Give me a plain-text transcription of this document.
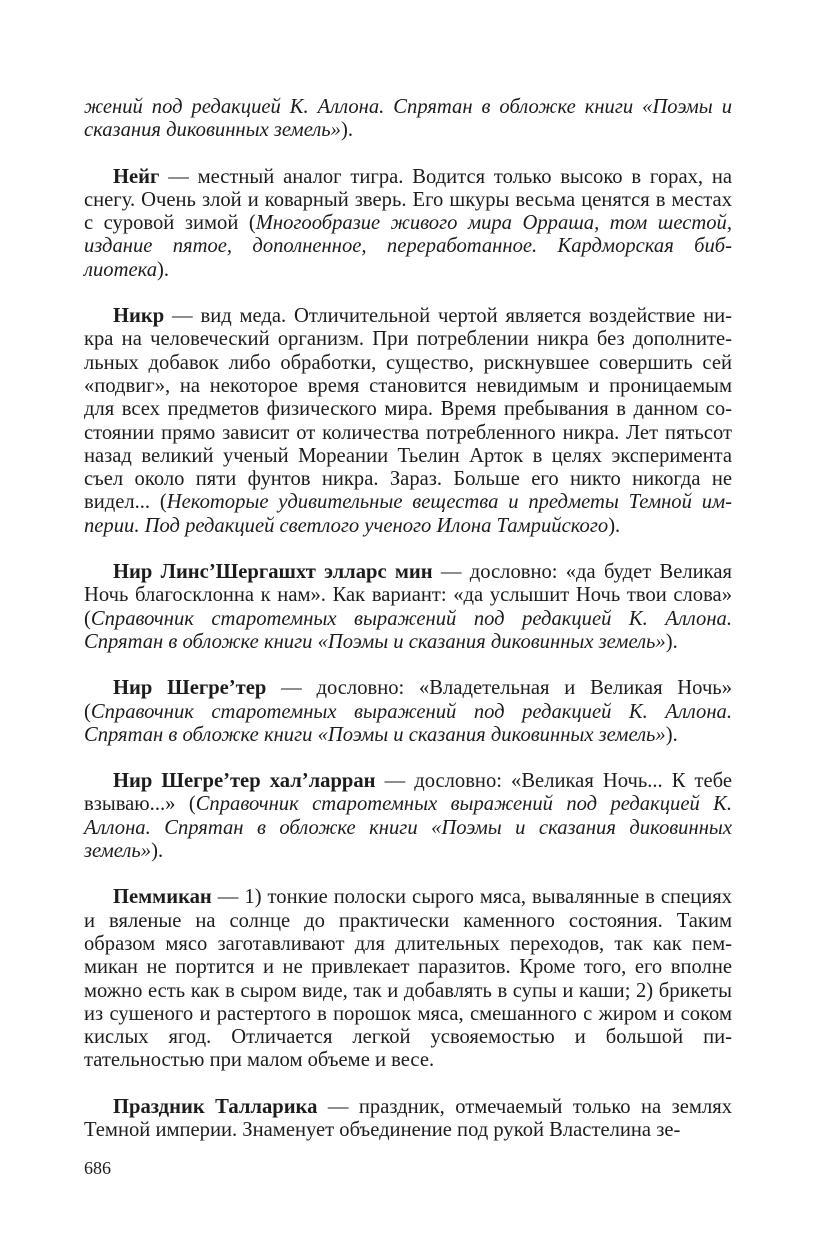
жений под редакцией К. Аллона. Спрятан в обложке книги «Поэмы и сказания диковинных земель»).

Нейг — местный аналог тигра. Водится только высоко в горах, на снегу. Очень злой и коварный зверь. Его шкуры весьма ценятся в местах с суровой зимой (Многообразие живого мира Орраша, том шестой, издание пятое, дополненное, переработанное. Кардморская библиотека).

Никр — вид меда. Отличительной чертой является воздействие никра на человеческий организм. При потреблении никра без дополнительных добавок либо обработки, существо, рискнувшее совершить сей «подвиг», на некоторое время становится невидимым и проницаемым для всех предметов физического мира. Время пребывания в данном состоянии прямо зависит от количества потребленного никра. Лет пятьсот назад великий ученый Мореании Тьелин Арток в целях эксперимента съел около пяти фунтов никра. Зараз. Больше его никто никогда не видел... (Некоторые удивительные вещества и предметы Темной империи. Под редакцией светлого ученого Илона Тамрийского).

Нир Линс’Шергашхт элларс мин — дословно: «да будет Великая Ночь благосклонна к нам». Как вариант: «да услышит Ночь твои слова» (Справочник старотемных выражений под редакцией К. Аллона. Спрятан в обложке книги «Поэмы и сказания диковинных земель»).

Нир Шегре’тер — дословно: «Владетельная и Великая Ночь» (Справочник старотемных выражений под редакцией К. Аллона. Спрятан в обложке книги «Поэмы и сказания диковинных земель»).

Нир Шегре’тер хал’ларран — дословно: «Великая Ночь... К тебе взываю...» (Справочник старотемных выражений под редакцией К. Аллона. Спрятан в обложке книги «Поэмы и сказания диковинных земель»).

Пеммикан — 1) тонкие полоски сырого мяса, вывалянные в специях и вяленые на солнце до практически каменного состояния. Таким образом мясо заготавливают для длительных переходов, так как пеммикан не портится и не привлекает паразитов. Кроме того, его вполне можно есть как в сыром виде, так и добавлять в супы и каши; 2) брикеты из сушеного и растертого в порошок мяса, смешанного с жиром и соком кислых ягод. Отличается легкой усвояемостью и большой питательностью при малом объеме и весе.

Праздник Талларика — праздник, отмечаемый только на землях Темной империи. Знаменует объединение под рукой Властелина зе-

686
